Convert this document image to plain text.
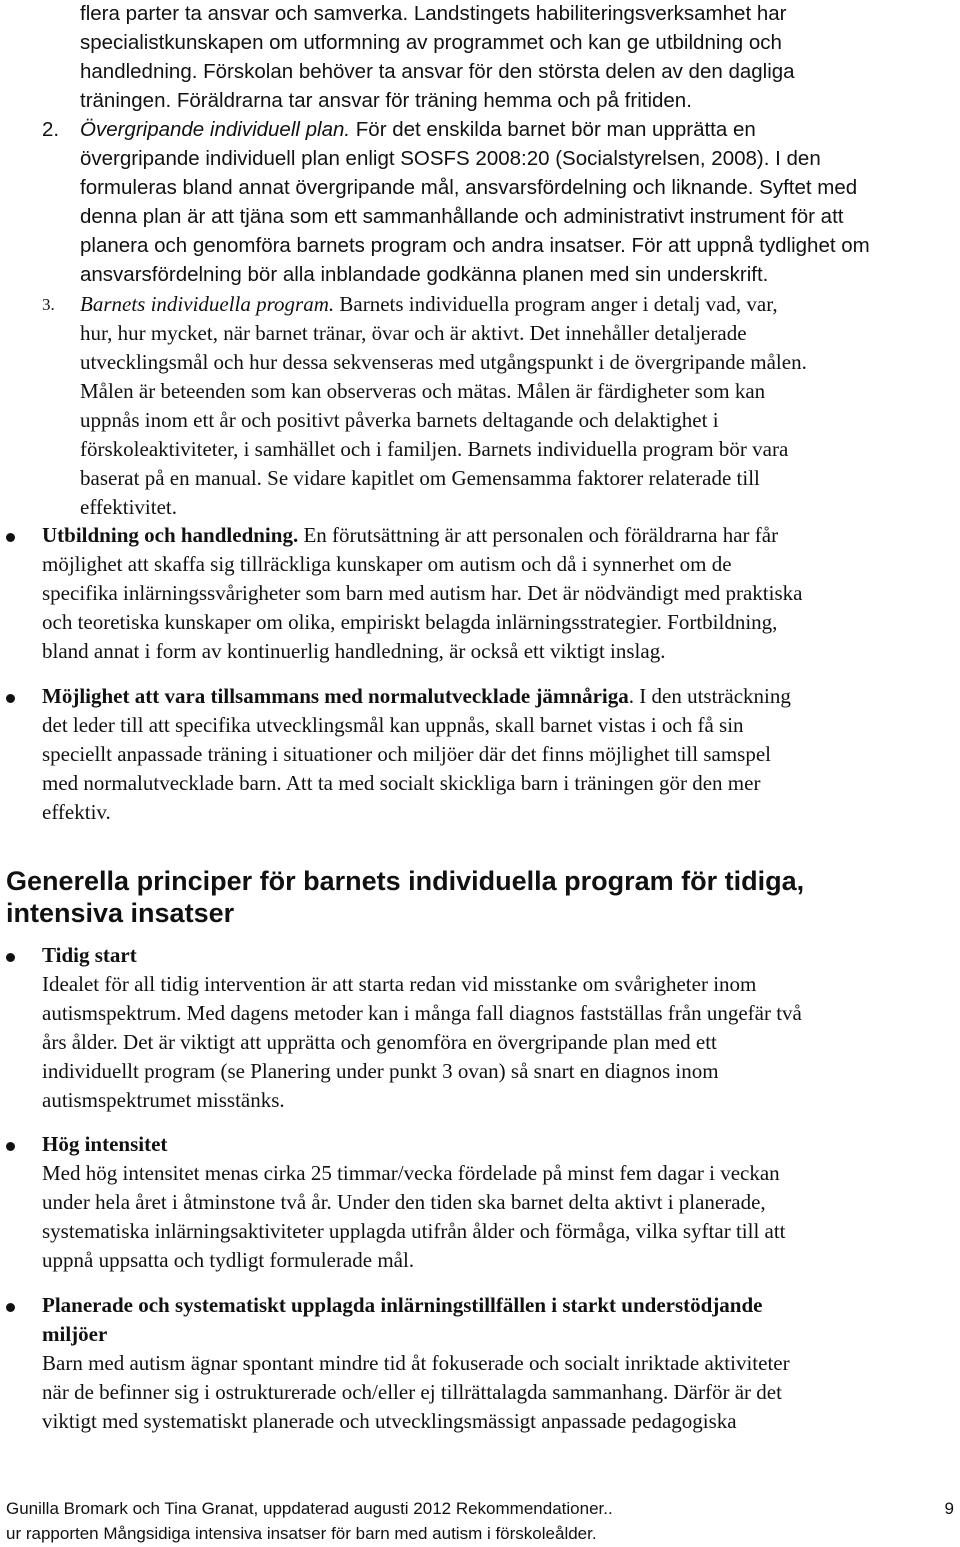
flera parter ta ansvar och samverka. Landstingets habiliteringsverksamhet har
specialistkunskapen om utformning av programmet och kan ge utbildning och
handledning. Förskolan behöver ta ansvar för den största delen av den dagliga
träningen. Föräldrarna tar ansvar för träning hemma och på fritiden.
2. Övergripande individuell plan. För det enskilda barnet bör man upprätta en
övergripande individuell plan enligt SOSFS 2008:20 (Socialstyrelsen, 2008). I den
formuleras bland annat övergripande mål, ansvarsfördelning och liknande. Syftet med
denna plan är att tjäna som ett sammanhållande och administrativt instrument för att
planera och genomföra barnets program och andra insatser. För att uppnå tydlighet om
ansvarsfördelning bör alla inblandade godkänna planen med sin underskrift.
3. Barnets individuella program. Barnets individuella program anger i detalj vad, var,
hur, hur mycket, när barnet tränar, övar och är aktivt. Det innehåller detaljerade
utvecklingsmål och hur dessa sekvenseras med utgångspunkt i de övergripande målen.
Målen är beteenden som kan observeras och mätas. Målen är färdigheter som kan
uppnås inom ett år och positivt påverka barnets deltagande och delaktighet i
förskoleaktiviteter, i samhället och i familjen. Barnets individuella program bör vara
baserat på en manual. Se vidare kapitlet om Gemensamma faktorer relaterade till
effektivitet.
Utbildning och handledning. En förutsättning är att personalen och föräldrarna har får
möjlighet att skaffa sig tillräckliga kunskaper om autism och då i synnerhet om de
specifika inlärningssvårigheter som barn med autism har. Det är nödvändigt med praktiska
och teoretiska kunskaper om olika, empiriskt belagda inlärningsstrategier. Fortbildning,
bland annat i form av kontinuerlig handledning, är också ett viktigt inslag.
Möjlighet att vara tillsammans med normalutvecklade jämnåriga. I den utsträckning
det leder till att specifika utvecklingsmål kan uppnås, skall barnet vistas i och få sin
speciellt anpassade träning i situationer och miljöer där det finns möjlighet till samspel
med normalutvecklade barn. Att ta med socialt skickliga barn i träningen gör den mer
effektiv.
Generella principer för barnets individuella program för tidiga,
intensiva insatser
Tidig start
Idealet för all tidig intervention är att starta redan vid misstanke om svårigheter inom
autismspektrum. Med dagens metoder kan i många fall diagnos fastställas från ungefär två
års ålder. Det är viktigt att upprätta och genomföra en övergripande plan med ett
individuellt program (se Planering under punkt 3 ovan) så snart en diagnos inom
autismspektrumet misstänks.
Hög intensitet
Med hög intensitet menas cirka 25 timmar/vecka fördelade på minst fem dagar i veckan
under hela året i åtminstone två år. Under den tiden ska barnet delta aktivt i planerade,
systematiska inlärningsaktiviteter upplagda utifrån ålder och förmåga, vilka syftar till att
uppnå uppsatta och tydligt formulerade mål.
Planerade och systematiskt upplagda inlärningstillfällen i starkt understödjande
miljöer
Barn med autism ägnar spontant mindre tid åt fokuserade och socialt inriktade aktiviteter
när de befinner sig i ostrukturerade och/eller ej tillrättalagda sammanhang. Därför är det
viktigt med systematiskt planerade och utvecklingsmässigt anpassade pedagogiska
Gunilla Bromark och Tina Granat, uppdaterad augusti 2012 Rekommendationer..
ur rapporten Mångsidiga intensiva insatser för barn med autism i förskoleålder.
9
